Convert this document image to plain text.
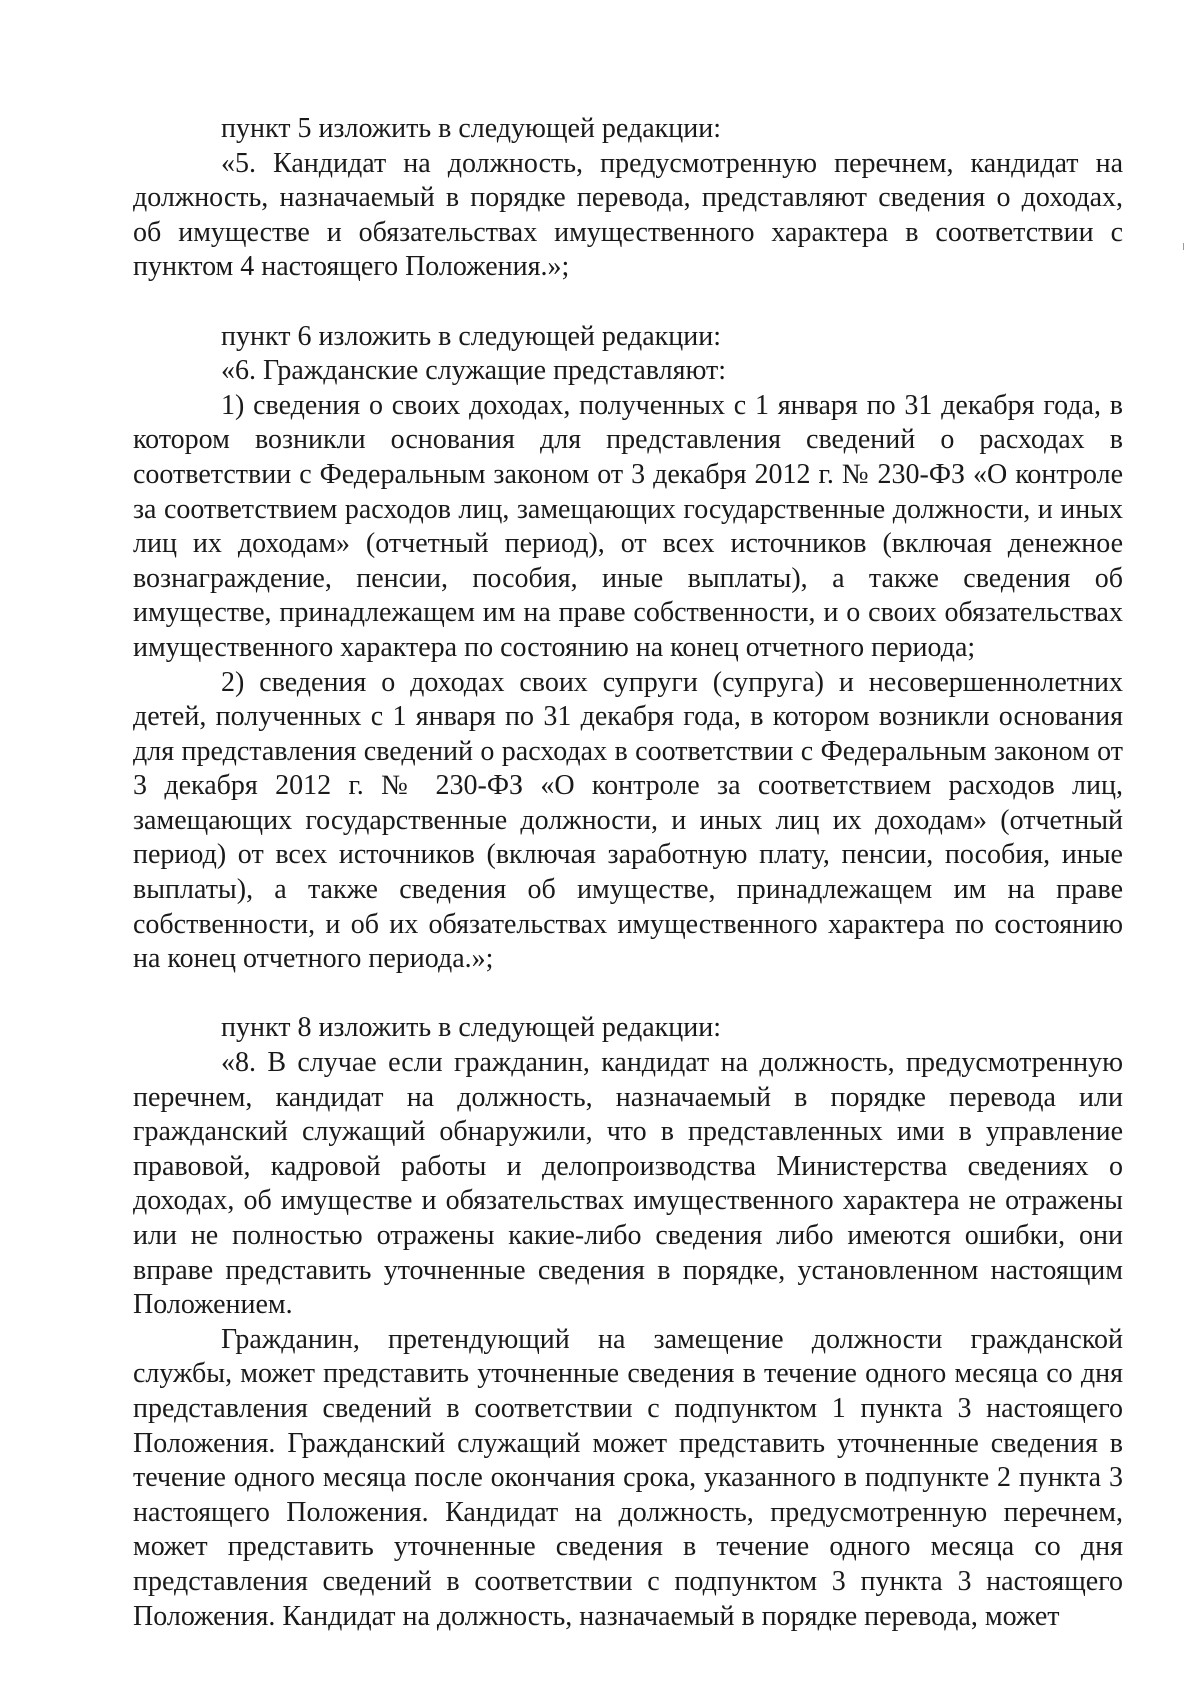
пункт 5 изложить в следующей редакции:

«5. Кандидат на должность, предусмотренную перечнем, кандидат на должность, назначаемый в порядке перевода, представляют сведения о доходах, об имуществе и обязательствах имущественного характера в соответствии с пунктом 4 настоящего Положения.»;

пункт 6 изложить в следующей редакции:

«6. Гражданские служащие представляют:

1) сведения о своих доходах, полученных с 1 января по 31 декабря года, в котором возникли основания для представления сведений о расходах в соответствии с Федеральным законом от 3 декабря 2012 г. № 230-ФЗ «О контроле за соответствием расходов лиц, замещающих государственные должности, и иных лиц их доходам» (отчетный период), от всех источников (включая денежное вознаграждение, пенсии, пособия, иные выплаты), а также сведения об имуществе, принадлежащем им на праве собственности, и о своих обязательствах имущественного характера по состоянию на конец отчетного периода;

2) сведения о доходах своих супруги (супруга) и несовершеннолетних детей, полученных с 1 января по 31 декабря года, в котором возникли основания для представления сведений о расходах в соответствии с Федеральным законом от 3 декабря 2012 г. № 230-ФЗ «О контроле за соответствием расходов лиц, замещающих государственные должности, и иных лиц их доходам» (отчетный период) от всех источников (включая заработную плату, пенсии, пособия, иные выплаты), а также сведения об имуществе, принадлежащем им на праве собственности, и об их обязательствах имущественного характера по состоянию на конец отчетного периода.»;

пункт 8 изложить в следующей редакции:

«8. В случае если гражданин, кандидат на должность, предусмотренную перечнем, кандидат на должность, назначаемый в порядке перевода или гражданский служащий обнаружили, что в представленных ими в управление правовой, кадровой работы и делопроизводства Министерства сведениях о доходах, об имуществе и обязательствах имущественного характера не отражены или не полностью отражены какие-либо сведения либо имеются ошибки, они вправе представить уточненные сведения в порядке, установленном настоящим Положением.

Гражданин, претендующий на замещение должности гражданской службы, может представить уточненные сведения в течение одного месяца со дня представления сведений в соответствии с подпунктом 1 пункта 3 настоящего Положения. Гражданский служащий может представить уточненные сведения в течение одного месяца после окончания срока, указанного в подпункте 2 пункта 3 настоящего Положения. Кандидат на должность, предусмотренную перечнем, может представить уточненные сведения в течение одного месяца со дня представления сведений в соответствии с подпунктом 3 пункта 3 настоящего Положения. Кандидат на должность, назначаемый в порядке перевода, может
